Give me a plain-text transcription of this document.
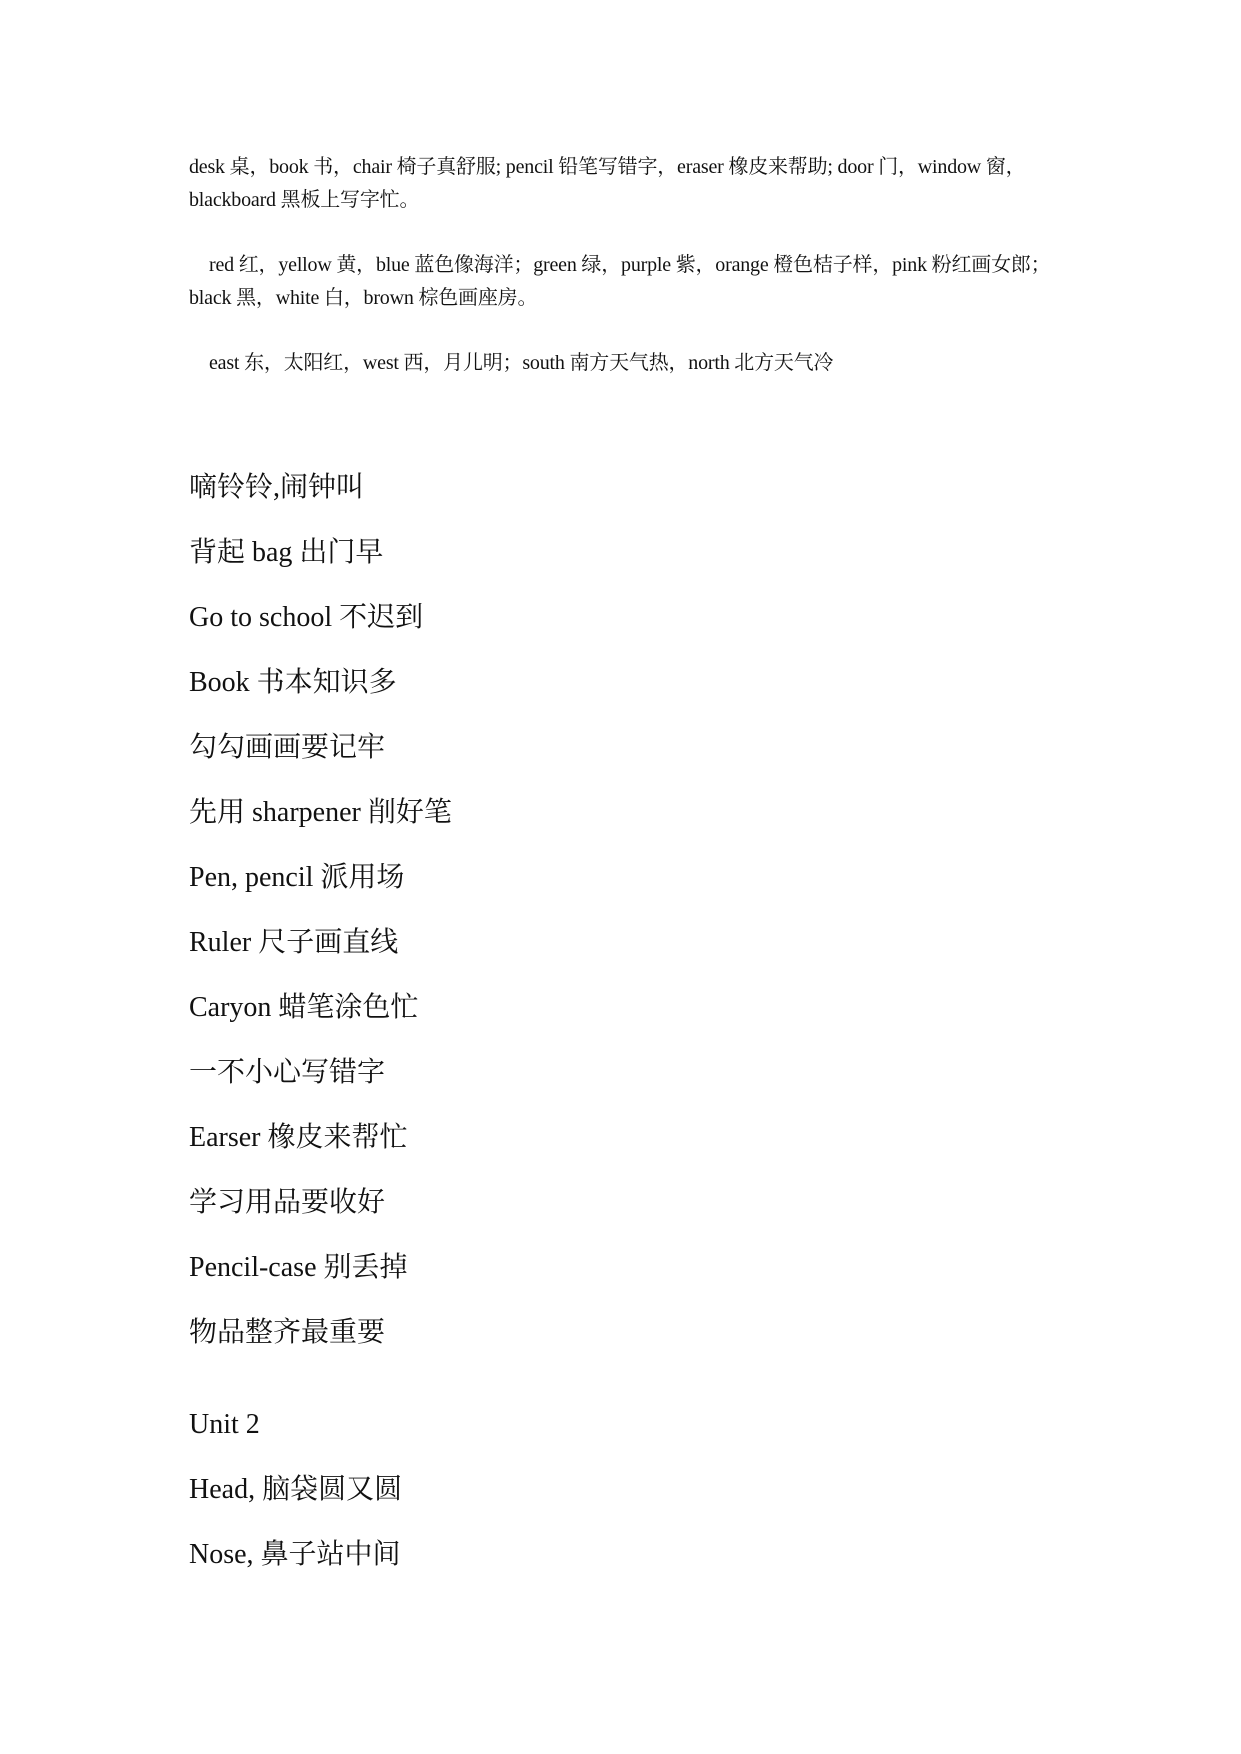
desk 桌，book 书，chair 椅子真舒服; pencil 铅笔写错字，eraser 橡皮来帮助; door 门，window 窗，blackboard 黑板上写字忙。

red 红，yellow 黄，blue 蓝色像海洋；green 绿，purple 紫，orange 橙色桔子样，pink 粉红画女郎；black 黑，white 白，brown 棕色画座房。

east 东，太阳红，west 西，月儿明；south 南方天气热，north 北方天气冷

嘀铃铃,闹钟叫
背起 bag 出门早
Go to school 不迟到
Book 书本知识多
勾勾画画要记牢
先用 sharpener 削好笔
Pen, pencil 派用场
Ruler 尺子画直线
Caryon 蜡笔涂色忙
一不小心写错字
Earser 橡皮来帮忙
学习用品要收好
Pencil-case 别丢掉
物品整齐最重要
Unit 2
Head, 脑袋圆又圆
Nose, 鼻子站中间
